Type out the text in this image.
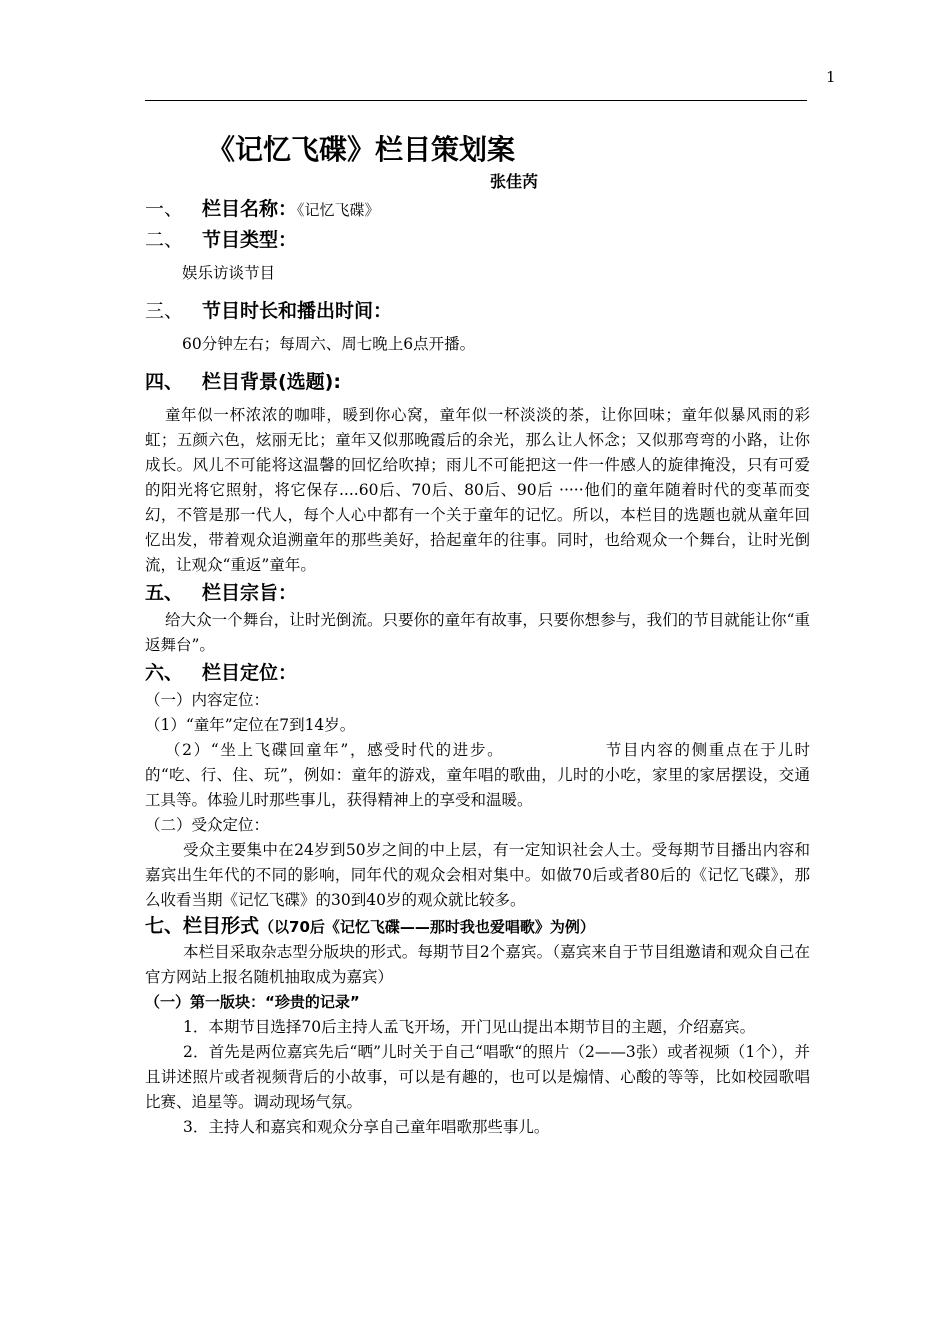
1
《记忆飞碟》栏目策划案
张佳芮
一、 栏目名称：《记忆飞碟》
二、 节目类型：

娱乐访谈节目

三、 节目时长和播出时间：

60分钟左右；每周六、周七晚上6点开播。

四、 栏目背景(选题):

童年似一杯浓浓的咖啡，暖到你心窝，童年似一杯淡淡的茶，让你回味；童年似暴风雨的彩虹；五颜六色，炫丽无比；童年又似那晚霞后的余光，那么让人怀念；又似那弯弯的小路，让你成长。风儿不可能将这温馨的回忆给吹掉；雨儿不可能把这一件一件感人的旋律掩没，只有可爱的阳光将它照射，将它保存....60后、70后、80后、90后 ·····他们的童年随着时代的变革而变幻，不管是那一代人，每个人心中都有一个关于童年的记忆。所以，本栏目的选题也就从童年回忆出发，带着观众追溯童年的那些美好，拾起童年的往事。同时，也给观众一个舞台，让时光倒流，让观众“重返”童年。

五、 栏目宗旨：

给大众一个舞台，让时光倒流。只要你的童年有故事，只要你想参与，我们的节目就能让你“重返舞台”。

六、 栏目定位：

（一）内容定位：

（1）“童年”定位在7到14岁。

（2）“坐上飞碟回童年”，感受时代的进步。	节目内容的侧重点在于儿时的“吃、行、住、玩”，例如：童年的游戏，童年唱的歌曲，儿时的小吃，家里的家居摆设，交通工具等。体验儿时那些事儿，获得精神上的享受和温暖。

（二）受众定位：

受众主要集中在24岁到50岁之间的中上层，有一定知识社会人士。受每期节目播出内容和嘉宾出生年代的不同的影响，同年代的观众会相对集中。如做70后或者80后的《记忆飞碟》，那么收看当期《记忆飞碟》的30到40岁的观众就比较多。

七、栏目形式（以70后《记忆飞碟——那时我也爱唱歌》为例）

本栏目采取杂志型分版块的形式。每期节目2个嘉宾。（嘉宾来自于节目组邀请和观众自己在官方网站上报名随机抽取成为嘉宾）

（一）第一版块：“珍贵的记录”

1．本期节目选择70后主持人孟飞开场，开门见山提出本期节目的主题，介绍嘉宾。

2．首先是两位嘉宾先后“晒”儿时关于自己“唱歌“的照片（2——3张）或者视频（1个），并且讲述照片或者视频背后的小故事，可以是有趣的，也可以是煽情、心酸的等等，比如校园歌唱比赛、追星等。调动现场气氛。

3．主持人和嘉宾和观众分享自己童年唱歌那些事儿。
